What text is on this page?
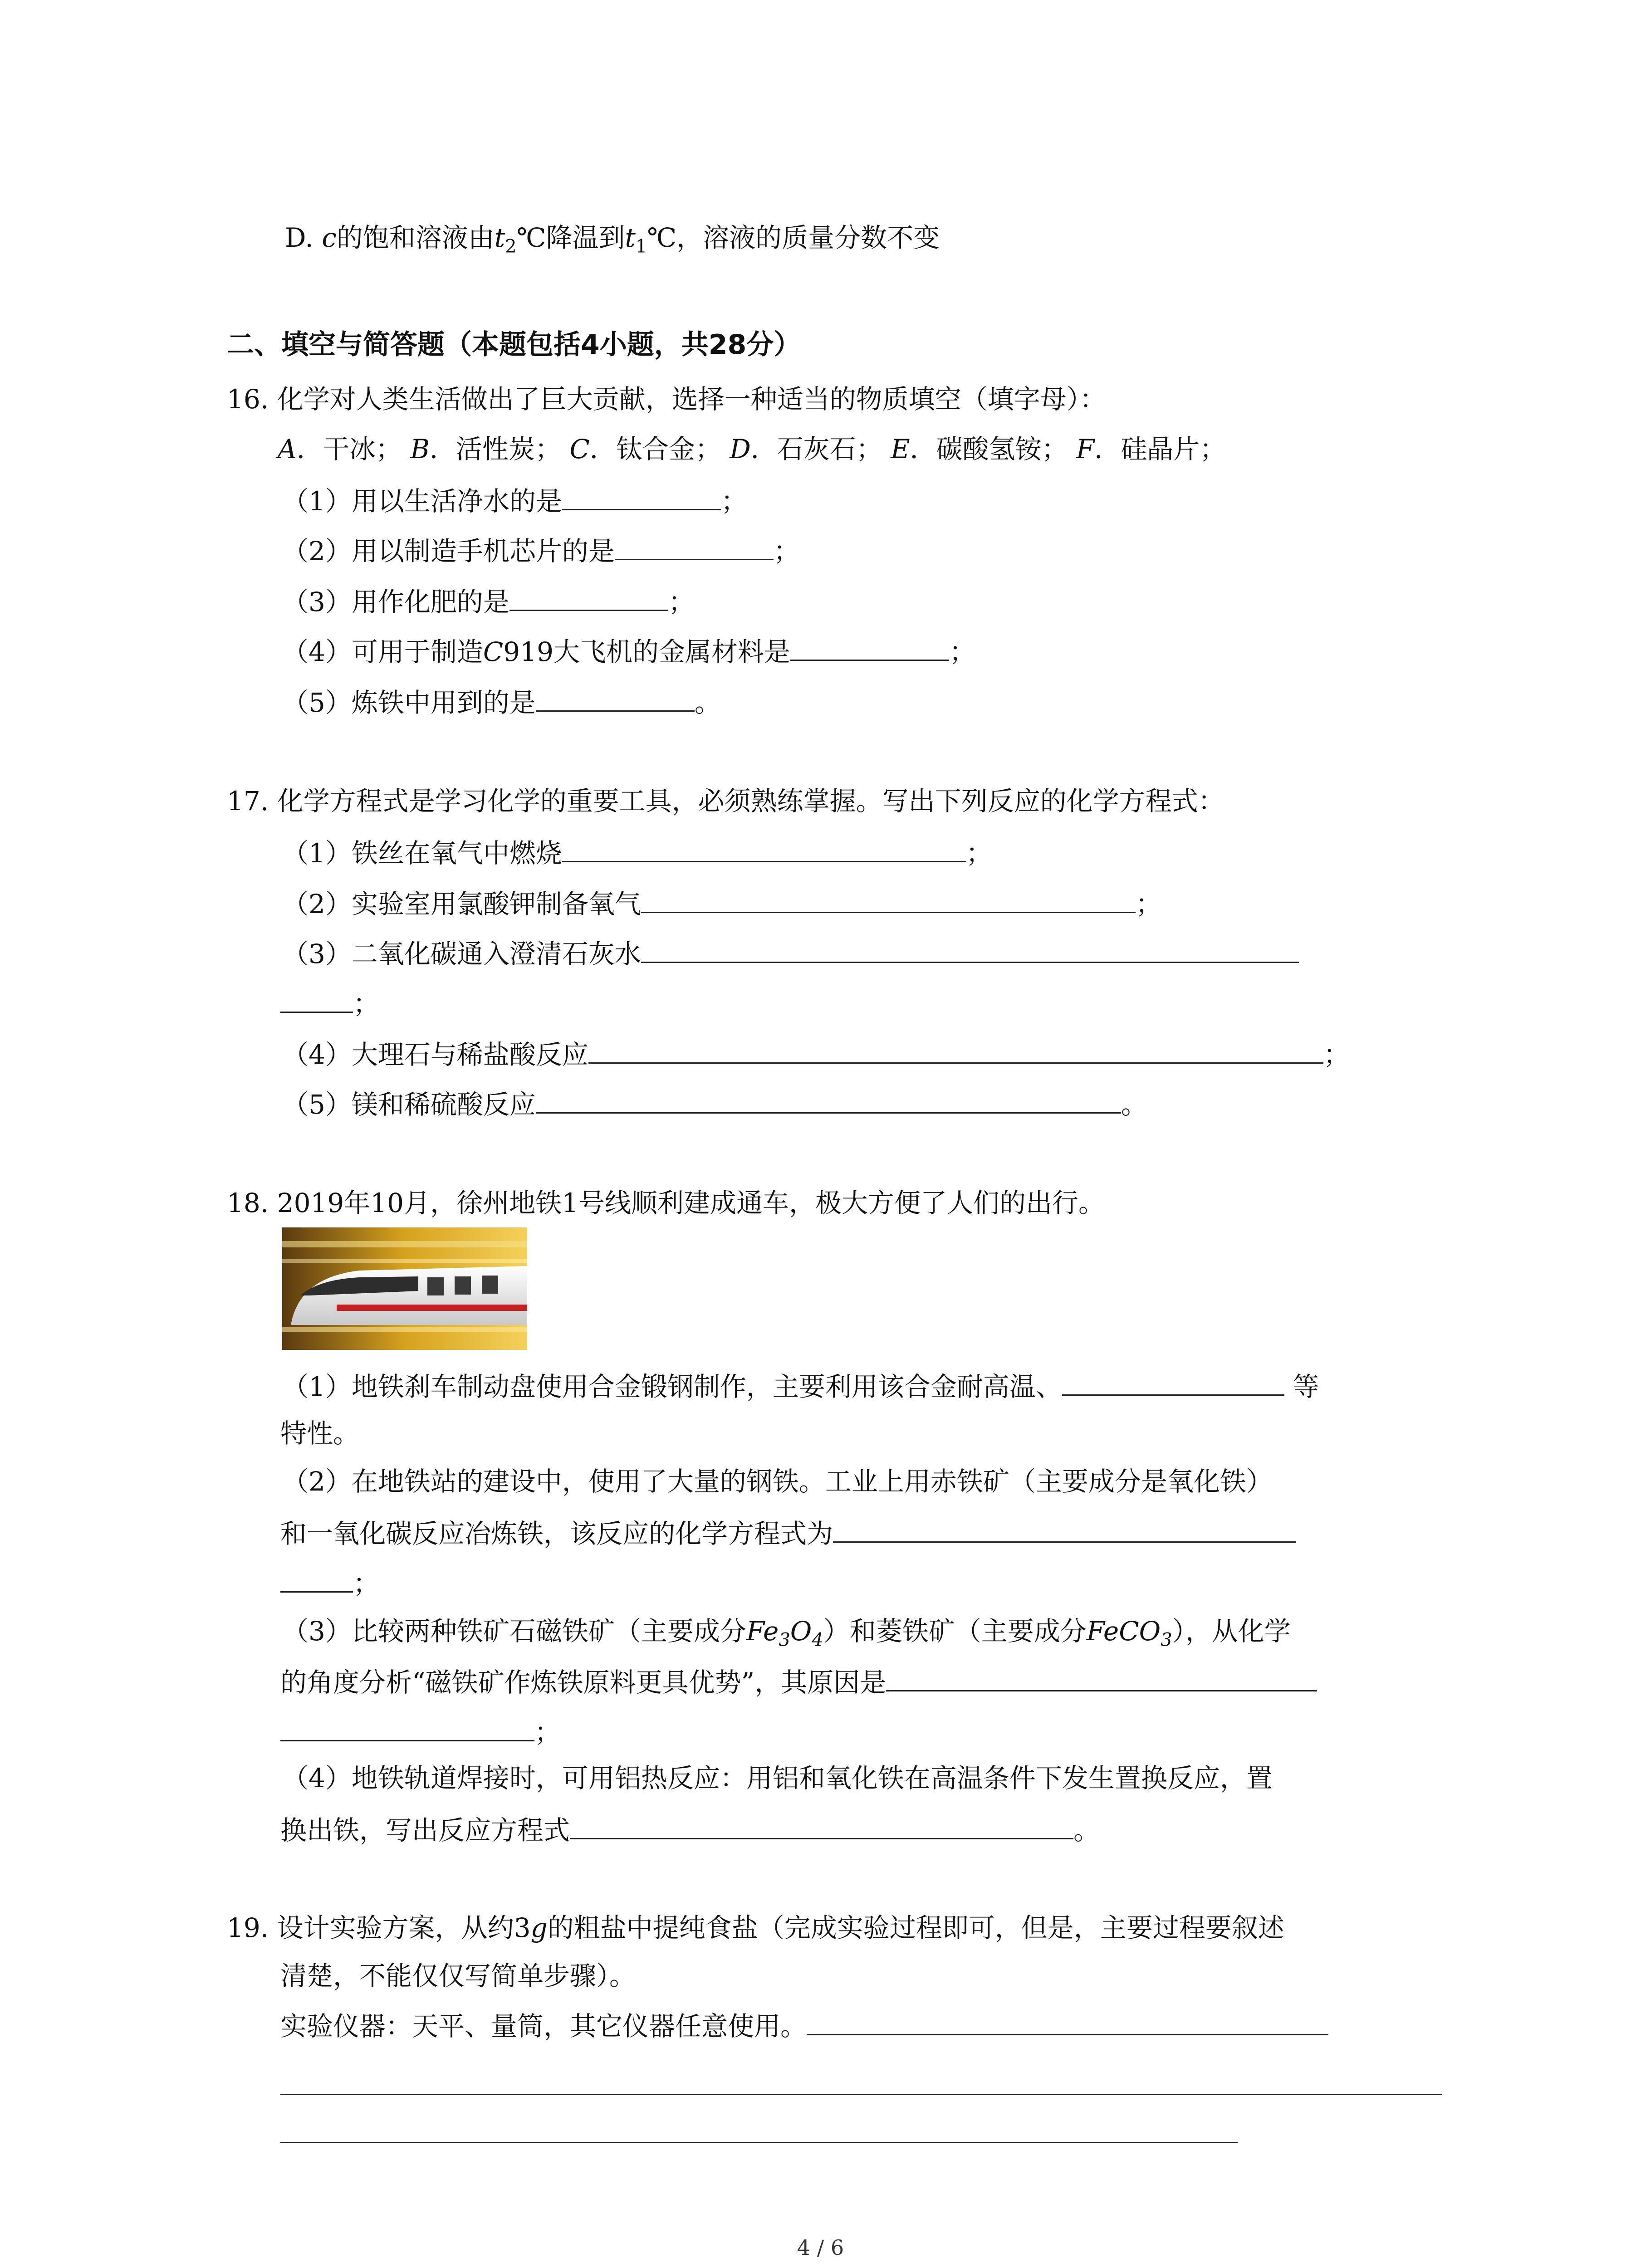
D. c的饱和溶液由$t_2℃$降温到$t_1℃$，溶液的质量分数不变
二、填空与简答题（本题包括4小题，共28分）
16. 化学对人类生活做出了巨大贡献，选择一种适当的物质填空（填字母）：
A．干冰； B．活性炭； C．钛合金； D．石灰石； E．碳酸氢铵； F．硅晶片；
（1）用以生活净水的是	；
（2）用以制造手机芯片的是	；
（3）用作化肥的是	；
（4）可用于制造C919大飞机的金属材料是	；
（5）炼铁中用到的是	。
17. 化学方程式是学习化学的重要工具，必须熟练掌握。写出下列反应的化学方程式：
（1）铁丝在氧气中燃烧	；
（2）实验室用氯酸钾制备氧气	；
（3）二氧化碳通入澄清石灰水
；
（4）大理石与稀盐酸反应	；
（5）镁和稀硫酸反应	。
18. 2019年10月，徐州地铁1号线顺利建成通车，极大方便了人们的出行。
（1）地铁刹车制动盘使用合金锻钢制作，主要利用该合金耐高温、	等
特性。
（2）在地铁站的建设中，使用了大量的钢铁。工业上用赤铁矿（主要成分是氧化铁）
和一氧化碳反应冶炼铁，该反应的化学方程式为
；
（3）比较两种铁矿石磁铁矿（主要成分$Fe_3O_4$）和菱铁矿（主要成分FeCO$_3$），从化学
的角度分析“磁铁矿作炼铁原料更具优势”，其原因是
；
（4）地铁轨道焊接时，可用铝热反应：用铝和氧化铁在高温条件下发生置换反应，置
换出铁，写出反应方程式	。
19. 设计实验方案，从约3g的粗盐中提纯食盐（完成实验过程即可，但是，主要过程要叙述
清楚，不能仅仅写简单步骤）。
实验仪器：天平、量筒，其它仪器任意使用。
4 / 6
